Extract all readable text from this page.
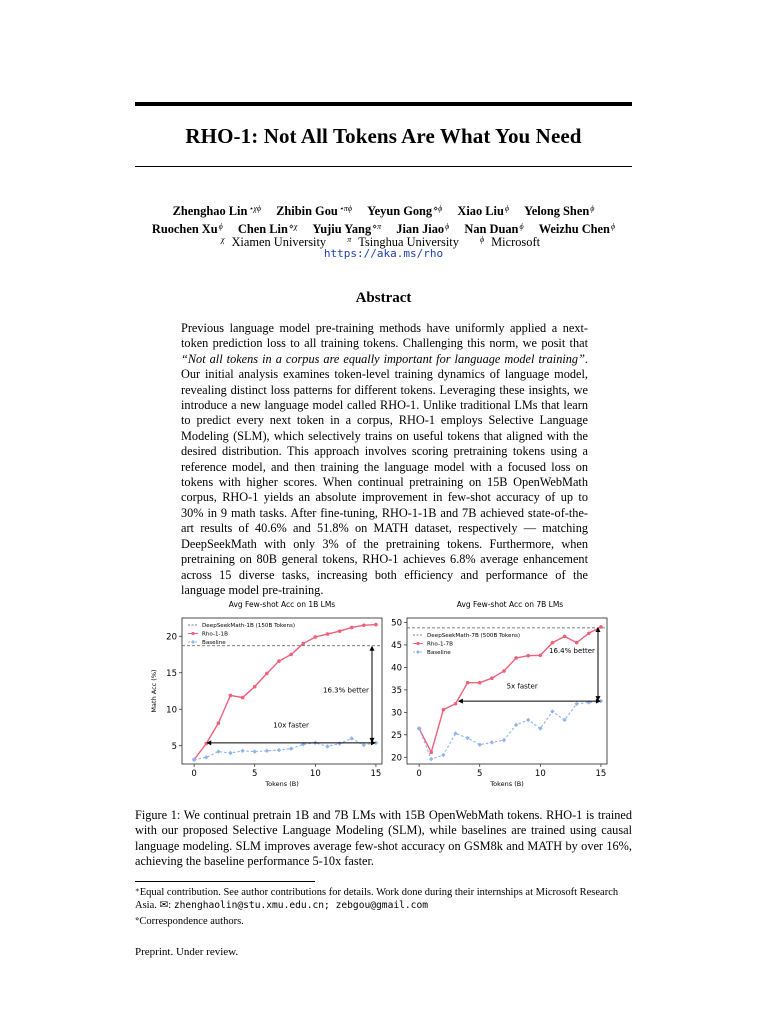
RHO-1: Not All Tokens Are What You Need
Zhenghao Lin$^{⋆\chi\phi}$ Zhibin Gou$^{⋆\pi\phi}$ Yeyun Gong$^{⋄\phi}$ Xiao Liu$^\phi$ Yelong Shen$^\phi$
Ruochen $Xu^\phi$ Chen Lin$^{⋄\chi}$ Yujiu Yang$^{⋄\pi}$ Jian Jiao$^\phi$ Nan Duan$^\phi$ Weizhu Chen$^\phi$
$^\chi$ Xiamen University	$^\pi$ Tsinghua University	$^\phi$ Microsoft
https://aka.ms/rho
Abstract
Previous language model pre-training methods have uniformly applied a next-token prediction loss to all training tokens. Challenging this norm, we posit that “Not all tokens in a corpus are equally important for language model training”. Our initial analysis examines token-level training dynamics of language model, revealing distinct loss patterns for different tokens. Leveraging these insights, we introduce a new language model called RHO-1. Unlike traditional LMs that learn to predict every next token in a corpus, RHO-1 employs Selective Language Modeling (SLM), which selectively trains on useful tokens that aligned with the desired distribution. This approach involves scoring pretraining tokens using a reference model, and then training the language model with a focused loss on tokens with higher scores. When continual pretraining on 15B OpenWebMath corpus, RHO-1 yields an absolute improvement in few-shot accuracy of up to 30% in 9 math tasks. After fine-tuning, RHO-1-1B and 7B achieved state-of-the-art results of 40.6% and 51.8% on MATH dataset, respectively — matching DeepSeekMath with only 3% of the pretraining tokens. Furthermore, when pretraining on 80B general tokens, RHO-1 achieves 6.8% average enhancement across 15 diverse tasks, increasing both efficiency and performance of the language model pre-training.
Avg Few-shot Acc on 1B LMs
0	5	10	15
Tokens (B)
5
10
15
20
Math Acc (%)	16.3% better
10x faster
DeepSeekMath-1B (150B Tokens)
Rho-1-1B
Baseline
Avg Few-shot Acc on 7B LMs
0	5	10	15
Tokens (B)
20
25
30
35
40
45
50
16.4% better
5x faster
DeepSeekMath-7B (500B Tokens)
Rho-1-7B
Baseline
Figure 1: We continual pretrain 1B and 7B LMs with 15B OpenWebMath tokens. RHO-1 is trained with our proposed Selective Language Modeling (SLM), while baselines are trained using causal language modeling. SLM improves average few-shot accuracy on GSM8k and MATH by over 16%, achieving the baseline performance 5-10x faster.
∗Equal contribution. See author contributions for details. Work done during their internships at Microsoft Research Asia. ✉: zhenghaolin@stu.xmu.edu.cn; zebgou@gmail.com
⋄Correspondence authors.
Preprint. Under review.
